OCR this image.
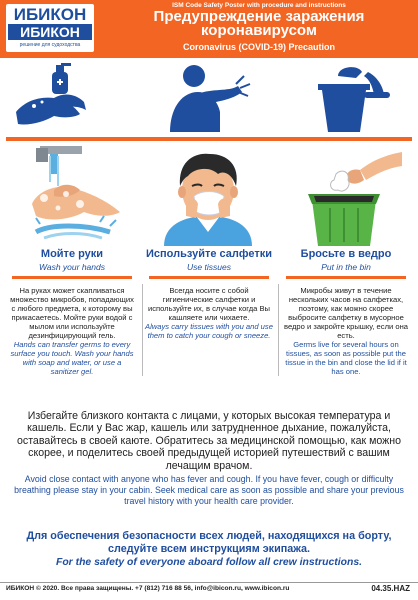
ИБИКОН
ИБИКОН
решение для судоходства
ISM Code Safety Poster with procedure and instructions
Предупреждение заражения коронавирусом
Coronavirus (COVID-19) Precaution
Мойте руки
Wash your hands
На руках может скапливаться множество микробов, попадающих с любого предмета, к которому вы прикасаетесь. Мойте руки водой с мылом или используйте дезинфицирующий гель.
Hands can transfer germs to every surface you touch. Wash your hands with soap and water, or use a sanitizer gel.
Используйте салфетки
Use tissues
Всегда носите с собой гигиенические салфетки и используйте их, в случае когда Вы кашляете или чихаете.
Always carry tissues with you and use them to catch your cough or sneeze.
Бросьте в ведро
Put in the bin
Микробы живут в течение нескольких часов на салфетках, поэтому, как можно скорее выбросите салфетку в мусорное ведро и закройте крышку, если она есть.
Germs live for several hours on tissues, as soon as possible put the tissue in the bin and close the lid if it has one.
Избегайте близкого контакта с лицами, у которых высокая температура и кашель. Если у Вас жар, кашель или затрудненное дыхание, пожалуйста, оставайтесь в своей каюте. Обратитесь за медицинской помощью, как можно скорее, и поделитесь своей предыдущей историей путешествий с вашим лечащим врачом.
Avoid close contact with anyone who has fever and cough. If you have fever, cough or difficulty breathing please stay in your cabin. Seek medical care as soon as possible and share your previous travel history with your health care provider.
Для обеспечения безопасности всех людей, находящихся на борту, следуйте всем инструкциям экипажа.
For the safety of everyone aboard follow all crew instructions.
ИБИКОН © 2020. Все права защищены. +7 (812) 716 88 56, info@ibicon.ru, www.ibicon.ru	04.35.HAZ
